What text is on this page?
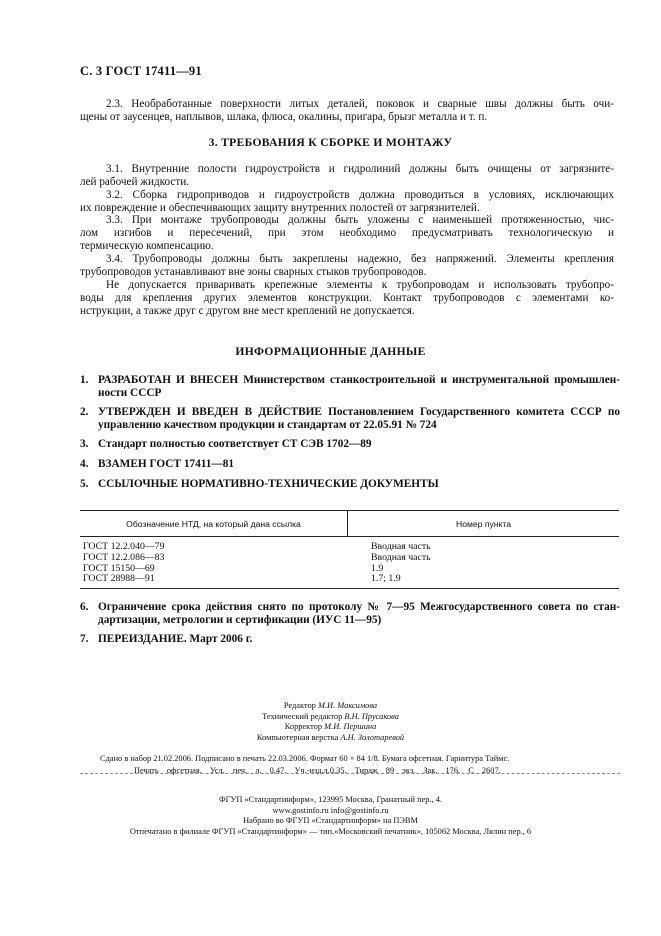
С. 3 ГОСТ 17411—91
2.3. Необработанные поверхности литых деталей, поковок и сварные швы должны быть очи-
щены от заусенцев, наплывов, шлака, флюса, окалины, пригара, брызг металла и т. п.
3. ТРЕБОВАНИЯ К СБОРКЕ И МОНТАЖУ
3.1. Внутренние полости гидроустройств и гидролиний должны быть очищены от загрязните-
лей рабочей жидкости.
3.2. Сборка гидроприводов и гидроустройств должна проводиться в условиях, исключающих
их повреждение и обеспечивающих защиту внутренних полостей от загрязнителей.
3.3. При монтаже трубопроводы должны быть уложены с наименьшей протяженностью, чис-
лом изгибов и пересечений, при этом необходимо предусматривать технологическую и
термическую компенсацию.
3.4. Трубопроводы должны быть закреплены надежно, без напряжений. Элементы крепления
трубопроводов устанавливают вне зоны сварных стыков трубопроводов.
Не допускается приваривать крепежные элементы к трубопроводам и использовать трубопро-
воды для крепления других элементов конструкции. Контакт трубопроводов с элементами ко-
нструкции, а также друг с другом вне мест креплений не допускается.
ИНФОРМАЦИОННЫЕ ДАННЫЕ
1. РАЗРАБОТАН И ВНЕСЕН Министерством станкостроительной и инструментальной промышлен-
ности СССР
2. УТВЕРЖДЕН И ВВЕДЕН В ДЕЙСТВИЕ Постановлением Государственного комитета СССР по
управлению качеством продукции и стандартам от 22.05.91 № 724
3. Стандарт полностью соответствует СТ СЭВ 1702—89
4. ВЗАМЕН ГОСТ 17411—81
5. ССЫЛОЧНЫЕ НОРМАТИВНО-ТЕХНИЧЕСКИЕ ДОКУМЕНТЫ
Обозначение НТД, на который дана ссылка	Номер пункта
ГОСТ 12.2.040—79	Вводная часть
ГОСТ 12.2.086—83	Вводная часть
ГОСТ 15150—69	1.9
ГОСТ 28988—91	1.7; 1.9
6. Ограничение срока действия снято по протоколу № 7—95 Межгосударственного совета по стан-
дартизации, метрологии и сертификации (ИУС 11—95)
7. ПЕРЕИЗДАНИЕ. Март 2006 г.
Редактор М.И. Максимова
Технический редактор В.Н. Прусакова
Корректор М.И. Першина
Компьютерная верстка А.Н. Золотаревой
Сдано в набор 21.02.2006. Подписано в печать 22.03.2006. Формат 60 × 84 1/8. Бумага офсетная. Гарнитура Таймс.
Печать офсетная. Усл. печ. л. 0,47. Уч.-изд.л.0,35. Тираж 89 экз. Зак. 176. С 2607.
ФГУП «Стандартинформ», 123995 Москва, Гранатный пер., 4.
www.gostinfo.ru info@gostinfo.ru
Набрано во ФГУП «Стандартинформ» на ПЭВМ
Отпечатано в филиале ФГУП «Стандартинформ» — тип.«Московский печатник», 105062 Москва, Лялин пер., 6
